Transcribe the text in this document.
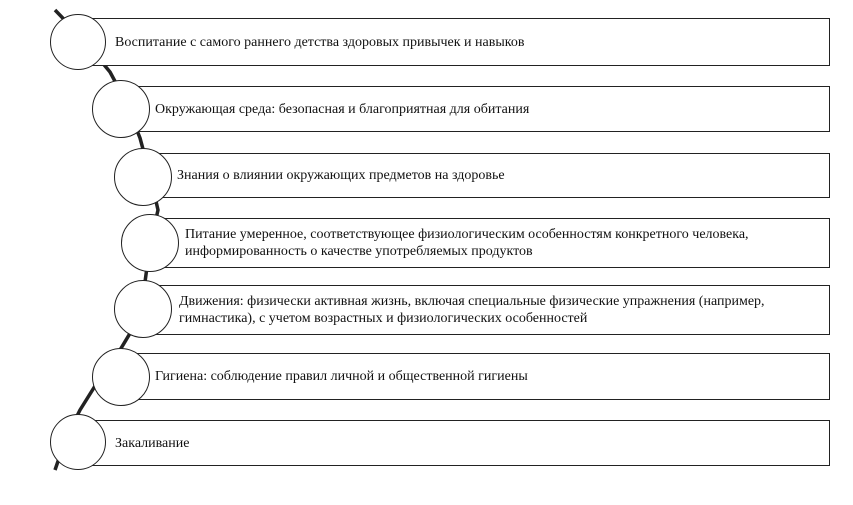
Воспитание с самого раннего детства здоровых привычек и навыков
Окружающая среда: безопасная и благоприятная для обитания
Знания о влиянии окружающих предметов на здоровье
Питание умеренное, соответствующее физиологическим особенностям конкретного человека, информированность о качестве употребляемых продуктов
Движения: физически активная жизнь, включая специальные физические упражнения (например, гимнастика), с учетом возрастных и физиологических особенностей
Гигиена: соблюдение правил личной и общественной гигиены
Закаливание
